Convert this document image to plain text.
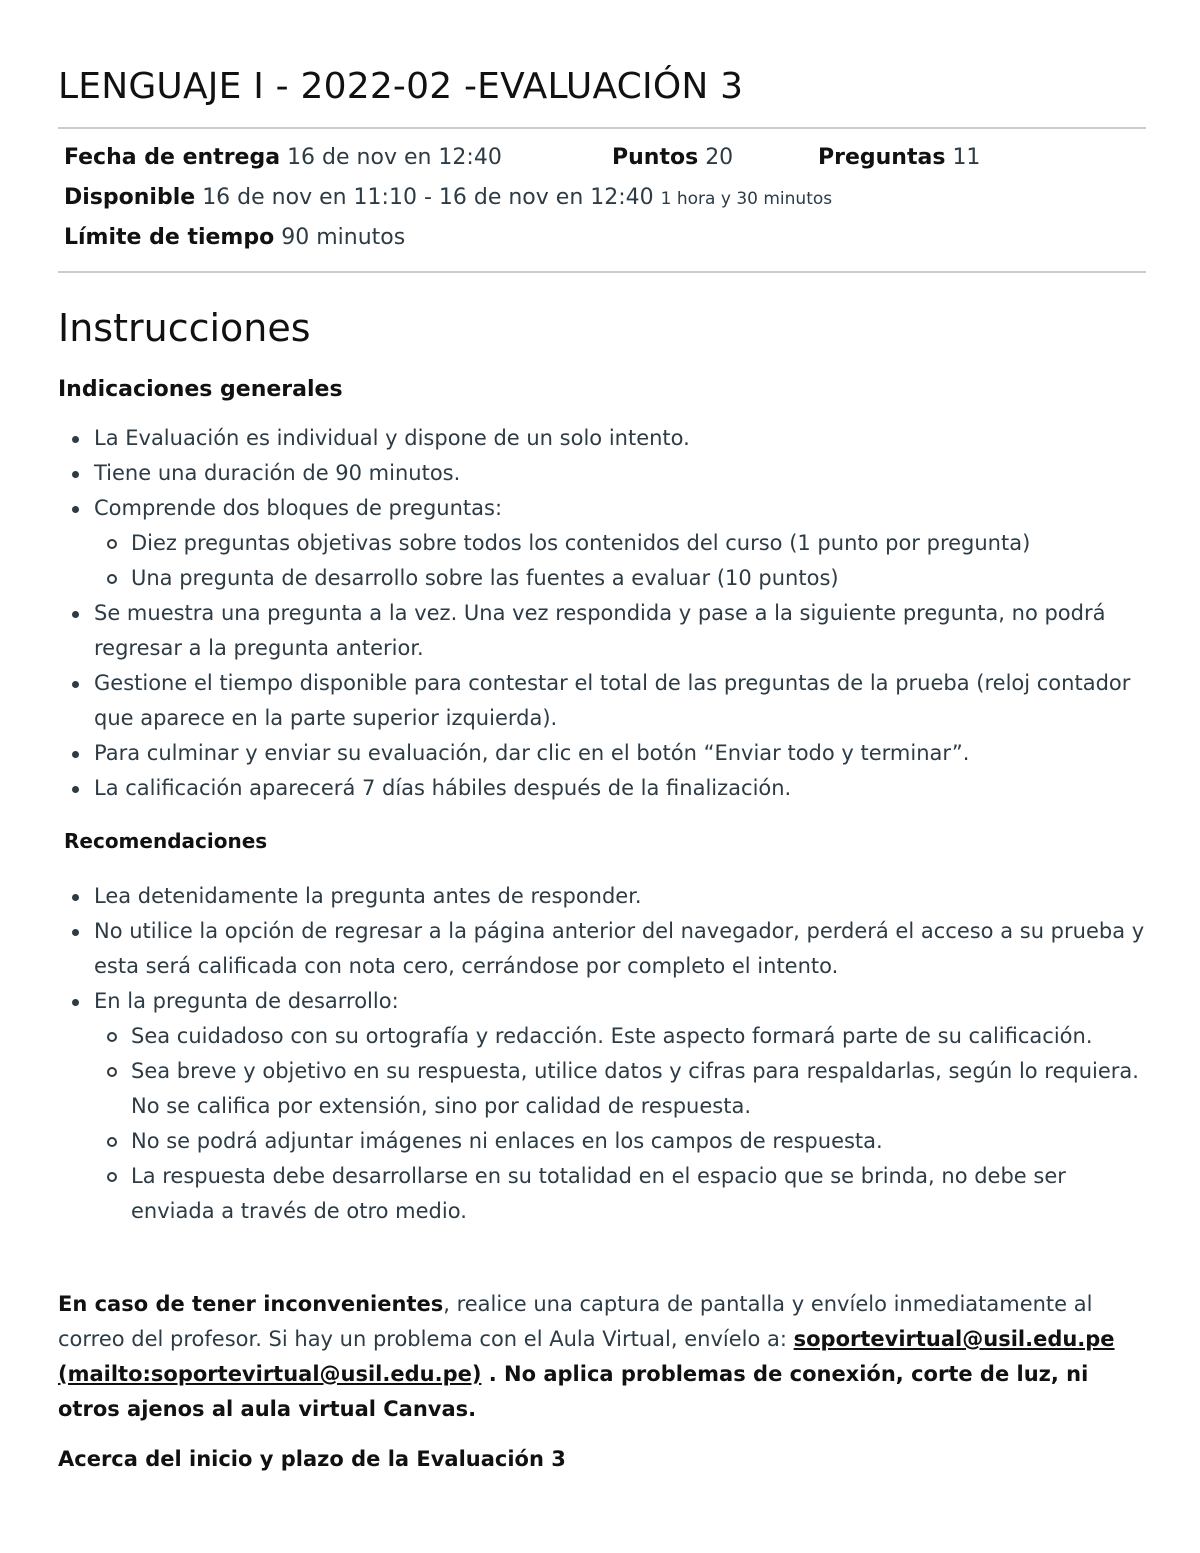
LENGUAJE I - 2022-02 -EVALUACIÓN 3
Fecha de entrega 16 de nov en 12:40	Puntos 20	Preguntas 11
Disponible 16 de nov en 11:10 - 16 de nov en 12:40 1 hora y 30 minutos
Límite de tiempo 90 minutos
Instrucciones
Indicaciones generales
La Evaluación es individual y dispone de un solo intento.
Tiene una duración de 90 minutos.
Comprende dos bloques de preguntas:
Diez preguntas objetivas sobre todos los contenidos del curso (1 punto por pregunta)
Una pregunta de desarrollo sobre las fuentes a evaluar (10 puntos)
Se muestra una pregunta a la vez. Una vez respondida y pase a la siguiente pregunta, no podrá regresar a la pregunta anterior.
Gestione el tiempo disponible para contestar el total de las preguntas de la prueba (reloj contador que aparece en la parte superior izquierda).
Para culminar y enviar su evaluación, dar clic en el botón “Enviar todo y terminar”.
La calificación aparecerá 7 días hábiles después de la finalización.
Recomendaciones
Lea detenidamente la pregunta antes de responder.
No utilice la opción de regresar a la página anterior del navegador, perderá el acceso a su prueba y esta será calificada con nota cero, cerrándose por completo el intento.
En la pregunta de desarrollo:
Sea cuidadoso con su ortografía y redacción. Este aspecto formará parte de su calificación.
Sea breve y objetivo en su respuesta, utilice datos y cifras para respaldarlas, según lo requiera. No se califica por extensión, sino por calidad de respuesta.
No se podrá adjuntar imágenes ni enlaces en los campos de respuesta.
La respuesta debe desarrollarse en su totalidad en el espacio que se brinda, no debe ser enviada a través de otro medio.
En caso de tener inconvenientes, realice una captura de pantalla y envíelo inmediatamente al correo del profesor. Si hay un problema con el Aula Virtual, envíelo a: soportevirtual@usil.edu.pe (mailto:soportevirtual@usil.edu.pe) . No aplica problemas de conexión, corte de luz, ni otros ajenos al aula virtual Canvas.
Acerca del inicio y plazo de la Evaluación 3
